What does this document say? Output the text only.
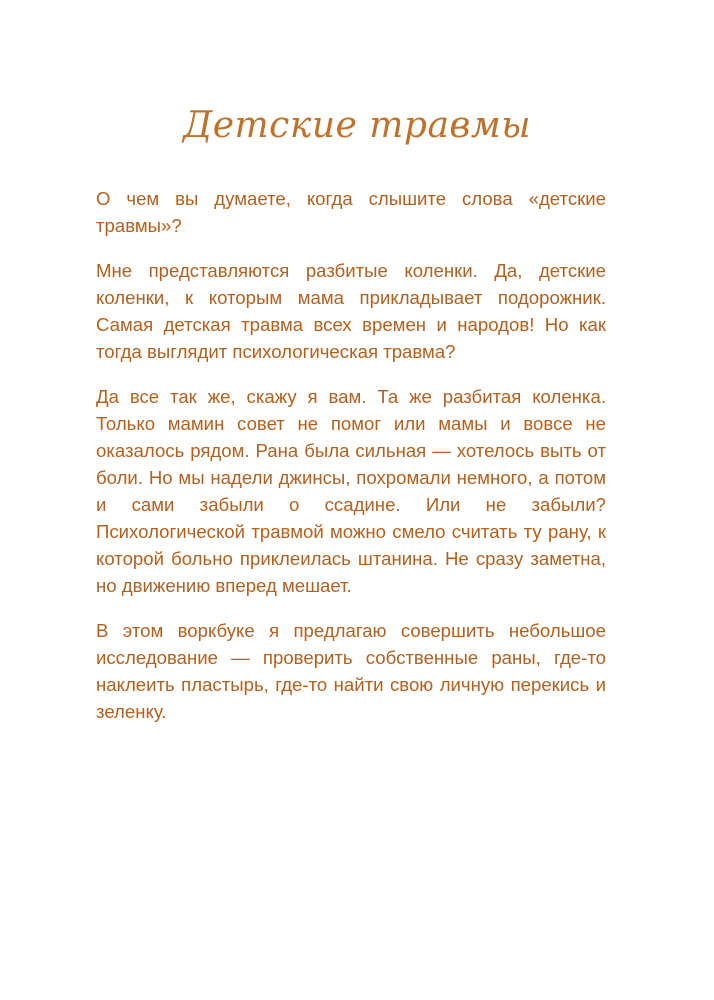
Детские травмы

О чем вы думаете, когда слышите слова «детские травмы»?

Мне представляются разбитые коленки. Да, детские коленки, к которым мама прикладывает подорожник. Самая детская травма всех времен и народов! Но как тогда выглядит психологическая травма?

Да все так же, скажу я вам. Та же разбитая коленка. Только мамин совет не помог или мамы и вовсе не оказалось рядом. Рана была сильная — хотелось выть от боли. Но мы надели джинсы, похромали немного, а потом и сами забыли о ссадине. Или не забыли? Психологической травмой можно смело считать ту рану, к которой больно приклеилась штанина. Не сразу заметна, но движению вперед мешает.

В этом воркбуке я предлагаю совершить небольшое исследование — проверить собственные раны, где-то наклеить пластырь, где-то найти свою личную перекись и зеленку.
